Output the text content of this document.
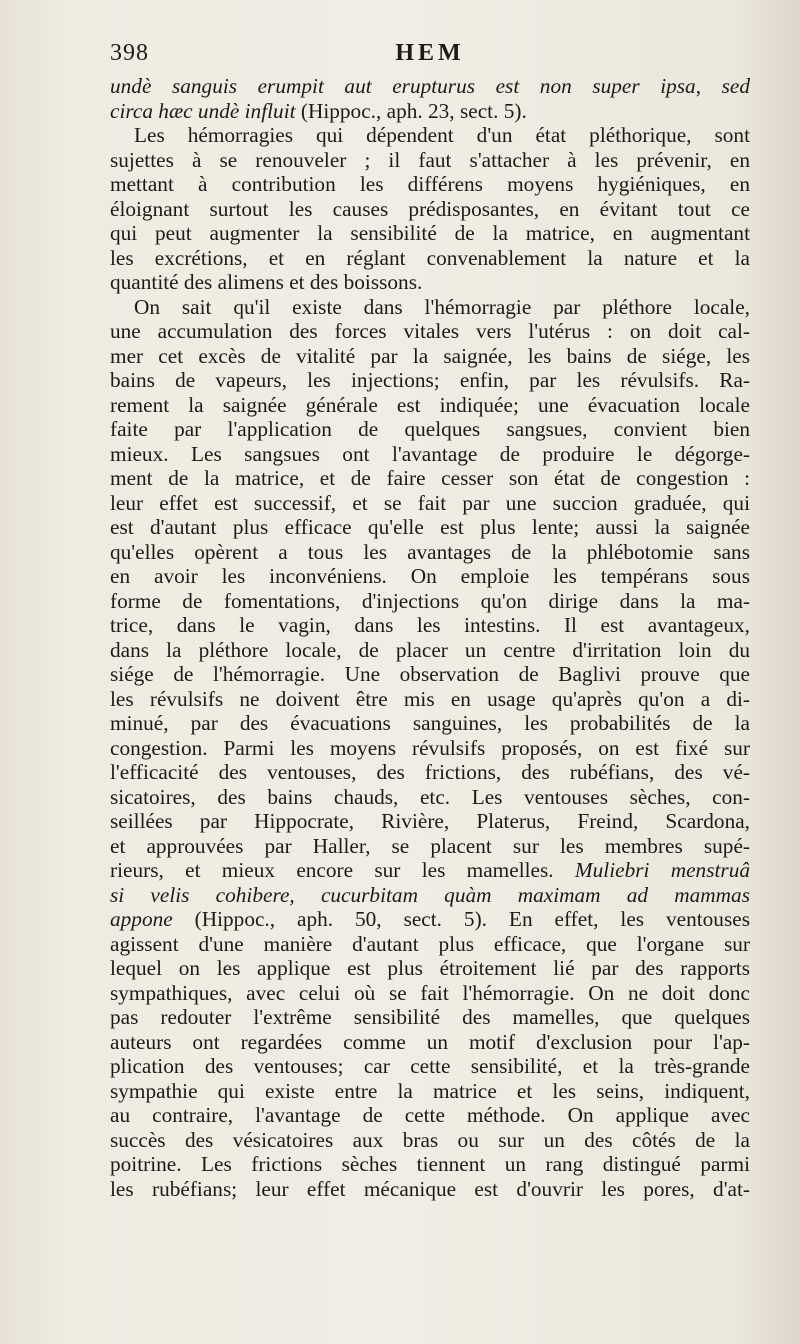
398	HEM
undè sanguis erumpit aut erupturus est non super ipsa, sed
circa hæc undè influit (Hippoc., aph. 23, sect. 5).
Les hémorragies qui dépendent d'un état pléthorique, sont
sujettes à se renouveler ; il faut s'attacher à les prévenir, en
mettant à contribution les différens moyens hygiéniques, en
éloignant surtout les causes prédisposantes, en évitant tout ce
qui peut augmenter la sensibilité de la matrice, en augmentant
les excrétions, et en réglant convenablement la nature et la
quantité des alimens et des boissons.
On sait qu'il existe dans l'hémorragie par pléthore locale,
une accumulation des forces vitales vers l'utérus : on doit cal-
mer cet excès de vitalité par la saignée, les bains de siége, les
bains de vapeurs, les injections; enfin, par les révulsifs. Ra-
rement la saignée générale est indiquée; une évacuation locale
faite par l'application de quelques sangsues, convient bien
mieux. Les sangsues ont l'avantage de produire le dégorge-
ment de la matrice, et de faire cesser son état de congestion :
leur effet est successif, et se fait par une succion graduée, qui
est d'autant plus efficace qu'elle est plus lente; aussi la saignée
qu'elles opèrent a tous les avantages de la phlébotomie sans
en avoir les inconvéniens. On emploie les tempérans sous
forme de fomentations, d'injections qu'on dirige dans la ma-
trice, dans le vagin, dans les intestins. Il est avantageux,
dans la pléthore locale, de placer un centre d'irritation loin du
siége de l'hémorragie. Une observation de Baglivi prouve que
les révulsifs ne doivent être mis en usage qu'après qu'on a di-
minué, par des évacuations sanguines, les probabilités de la
congestion. Parmi les moyens révulsifs proposés, on est fixé sur
l'efficacité des ventouses, des frictions, des rubéfians, des vé-
sicatoires, des bains chauds, etc. Les ventouses sèches, con-
seillées par Hippocrate, Rivière, Platerus, Freind, Scardona,
et approuvées par Haller, se placent sur les membres supé-
rieurs, et mieux encore sur les mamelles. Muliebri menstruâ
si velis cohibere, cucurbitam quàm maximam ad mammas
appone (Hippoc., aph. 50, sect. 5). En effet, les ventouses
agissent d'une manière d'autant plus efficace, que l'organe sur
lequel on les applique est plus étroitement lié par des rapports
sympathiques, avec celui où se fait l'hémorragie. On ne doit donc
pas redouter l'extrême sensibilité des mamelles, que quelques
auteurs ont regardées comme un motif d'exclusion pour l'ap-
plication des ventouses; car cette sensibilité, et la très-grande
sympathie qui existe entre la matrice et les seins, indiquent,
au contraire, l'avantage de cette méthode. On applique avec
succès des vésicatoires aux bras ou sur un des côtés de la
poitrine. Les frictions sèches tiennent un rang distingué parmi
les rubéfians; leur effet mécanique est d'ouvrir les pores, d'at-
